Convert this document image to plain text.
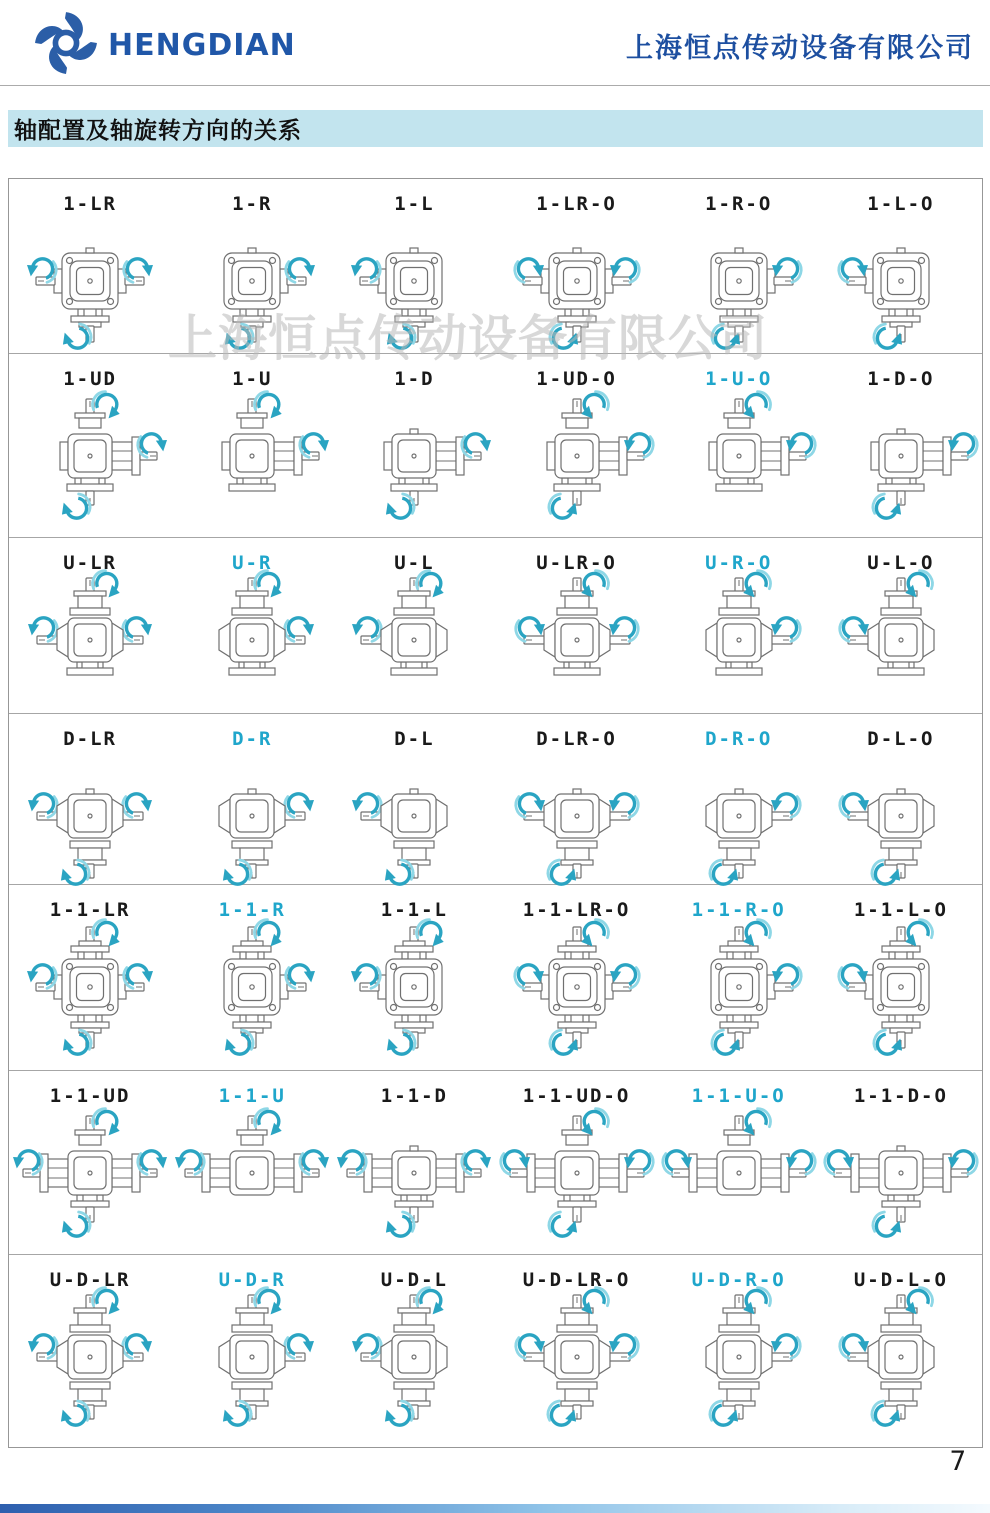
HENGDIAN	上海恒点传动设备有限公司
轴配置及轴旋转方向的关系
1-LR	1-R	1-L	1-LR-O	1-R-O	1-L-O
1-UD	1-U	1-D	1-UD-O	1-U-O	1-D-O
U-LR	U-R	U-L	U-LR-O	U-R-O	U-L-O
D-LR	D-R	D-L	D-LR-O	D-R-O	D-L-O
1-1-LR	1-1-R	1-1-L	1-1-LR-O	1-1-R-O	1-1-L-O
1-1-UD	1-1-U	1-1-D	1-1-UD-O	1-1-U-O	1-1-D-O
U-D-LR	U-D-R	U-D-L	U-D-LR-O	U-D-R-O	U-D-L-O
上海恒点传动设备有限公司
7
